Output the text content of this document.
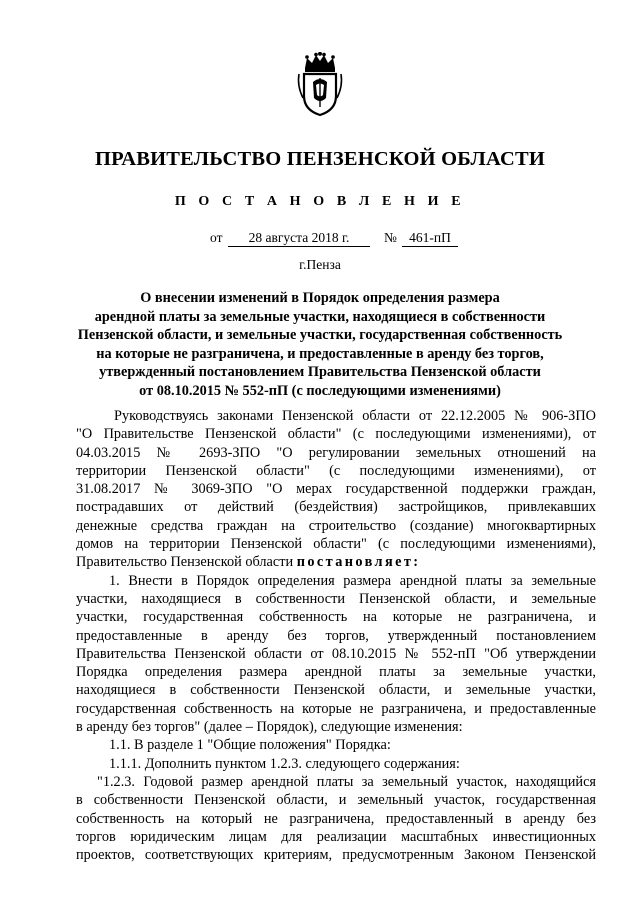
ПРАВИТЕЛЬСТВО ПЕНЗЕНСКОЙ ОБЛАСТИ
П О С Т А Н О В Л Е Н И Е
от	28 августа 2018 г.	№ 461-пП
г.Пенза
О внесении изменений в Порядок определения размера
арендной платы за земельные участки, находящиеся в собственности
Пензенской области, и земельные участки, государственная собственность
на которые не разграничена, и предоставленные в аренду без торгов,
утвержденный постановлением Правительства Пензенской области
от 08.10.2015 № 552-пП (с последующими изменениями)
Руководствуясь законами Пензенской области от 22.12.2005 № 906-ЗПО
"О Правительстве Пензенской области" (с последующими изменениями), от
04.03.2015 № 2693-ЗПО "О регулировании земельных отношений на
территории Пензенской области" (с последующими изменениями), от
31.08.2017 № 3069-ЗПО "О мерах государственной поддержки граждан,
пострадавших от действий (бездействия) застройщиков, привлекавших
денежные средства граждан на строительство (создание) многоквартирных
домов на территории Пензенской области" (с последующими изменениями),
Правительство Пензенской области постановляет:
1. Внести в Порядок определения размера арендной платы за земельные
участки, находящиеся в собственности Пензенской области, и земельные
участки, государственная собственность на которые не разграничена, и
предоставленные в аренду без торгов, утвержденный постановлением
Правительства Пензенской области от 08.10.2015 № 552-пП "Об утверждении
Порядка определения размера арендной платы за земельные участки,
находящиеся в собственности Пензенской области, и земельные участки,
государственная собственность на которые не разграничена, и предоставленные
в аренду без торгов" (далее – Порядок), следующие изменения:
1.1. В разделе 1 "Общие положения" Порядка:
1.1.1. Дополнить пунктом 1.2.3. следующего содержания:
"1.2.3. Годовой размер арендной платы за земельный участок, находящийся
в собственности Пензенской области, и земельный участок, государственная
собственность на который не разграничена, предоставленный в аренду без
торгов юридическим лицам для реализации масштабных инвестиционных
проектов, соответствующих критериям, предусмотренным Законом Пензенской
